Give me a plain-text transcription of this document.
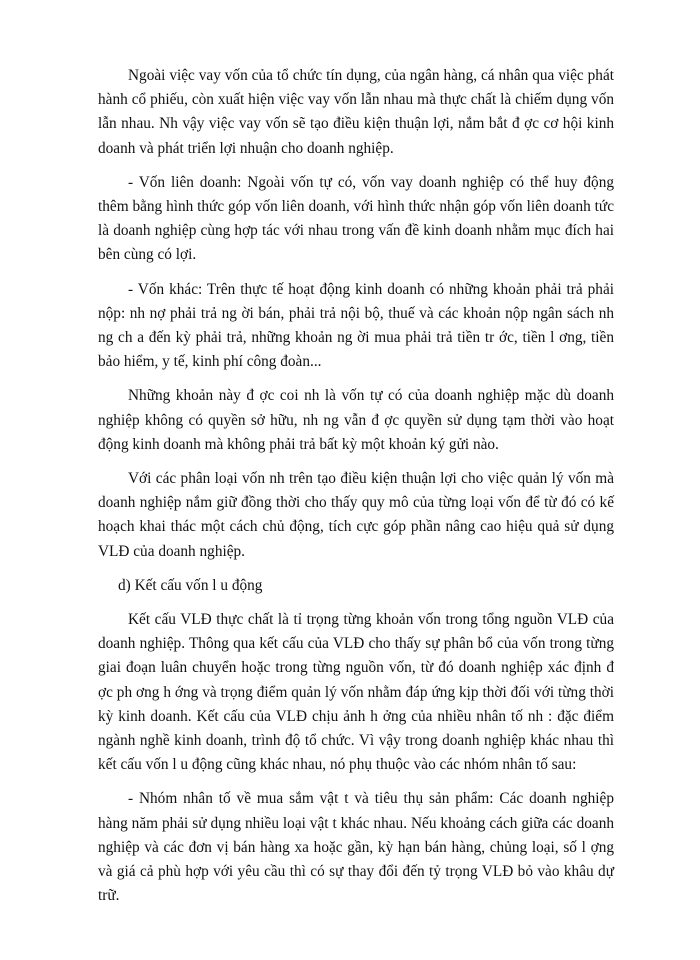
Ngoài việc vay vốn của tổ chức tín dụng, của ngân hàng, cá nhân qua việc phát hành cổ phiếu, còn xuất hiện việc vay vốn lẫn nhau mà thực chất là chiếm dụng vốn lẫn nhau. Nh vậy việc vay vốn sẽ tạo điều kiện thuận lợi, nắm bắt đ ợc cơ hội kinh doanh và phát triển lợi nhuận cho doanh nghiệp.

- Vốn liên doanh: Ngoài vốn tự có, vốn vay doanh nghiệp có thể huy động thêm bằng hình thức góp vốn liên doanh, với hình thức nhận góp vốn liên doanh tức là doanh nghiệp cùng hợp tác với nhau trong vấn đề kinh doanh nhằm mục đích hai bên cùng có lợi.

- Vốn khác: Trên thực tế hoạt động kinh doanh có những khoản phải trả phải nộp: nh nợ phải trả ng ời bán, phải trả nội bộ, thuế và các khoản nộp ngân sách nh ng ch a đến kỳ phải trả, những khoản ng ời mua phải trả tiền tr ớc, tiền l ơng, tiền bảo hiểm, y tế, kinh phí công đoàn...

Những khoản này đ ợc coi nh là vốn tự có của doanh nghiệp mặc dù doanh nghiệp không có quyền sở hữu, nh ng vẫn đ ợc quyền sử dụng tạm thời vào hoạt động kinh doanh mà không phải trả bất kỳ một khoản ký gửi nào.

Với các phân loại vốn nh trên tạo điều kiện thuận lợi cho việc quản lý vốn mà doanh nghiệp nắm giữ đồng thời cho thấy quy mô của từng loại vốn để từ đó có kế hoạch khai thác một cách chủ động, tích cực góp phần nâng cao hiệu quả sử dụng VLĐ của doanh nghiệp.

d) Kết cấu vốn l u động

Kết cấu VLĐ thực chất là tỉ trọng từng khoản vốn trong tổng nguồn VLĐ của doanh nghiệp. Thông qua kết cấu của VLĐ cho thấy sự phân bổ của vốn trong từng giai đoạn luân chuyển hoặc trong từng nguồn vốn, từ đó doanh nghiệp xác định đ ợc ph ơng h ớng và trọng điểm quản lý vốn nhằm đáp ứng kịp thời đối với từng thời kỳ kinh doanh. Kết cấu của VLĐ chịu ảnh h ởng của nhiều nhân tố nh : đặc điểm ngành nghề kinh doanh, trình độ tổ chức. Vì vậy trong doanh nghiệp khác nhau thì kết cấu vốn l u động cũng khác nhau, nó phụ thuộc vào các nhóm nhân tố sau:

- Nhóm nhân tố về mua sắm vật t và tiêu thụ sản phẩm: Các doanh nghiệp hàng năm phải sử dụng nhiều loại vật t khác nhau. Nếu khoảng cách giữa các doanh nghiệp và các đơn vị bán hàng xa hoặc gần, kỳ hạn bán hàng, chủng loại, số l ợng và giá cả phù hợp với yêu cầu thì có sự thay đổi đến tỷ trọng VLĐ bỏ vào khâu dự trữ.
